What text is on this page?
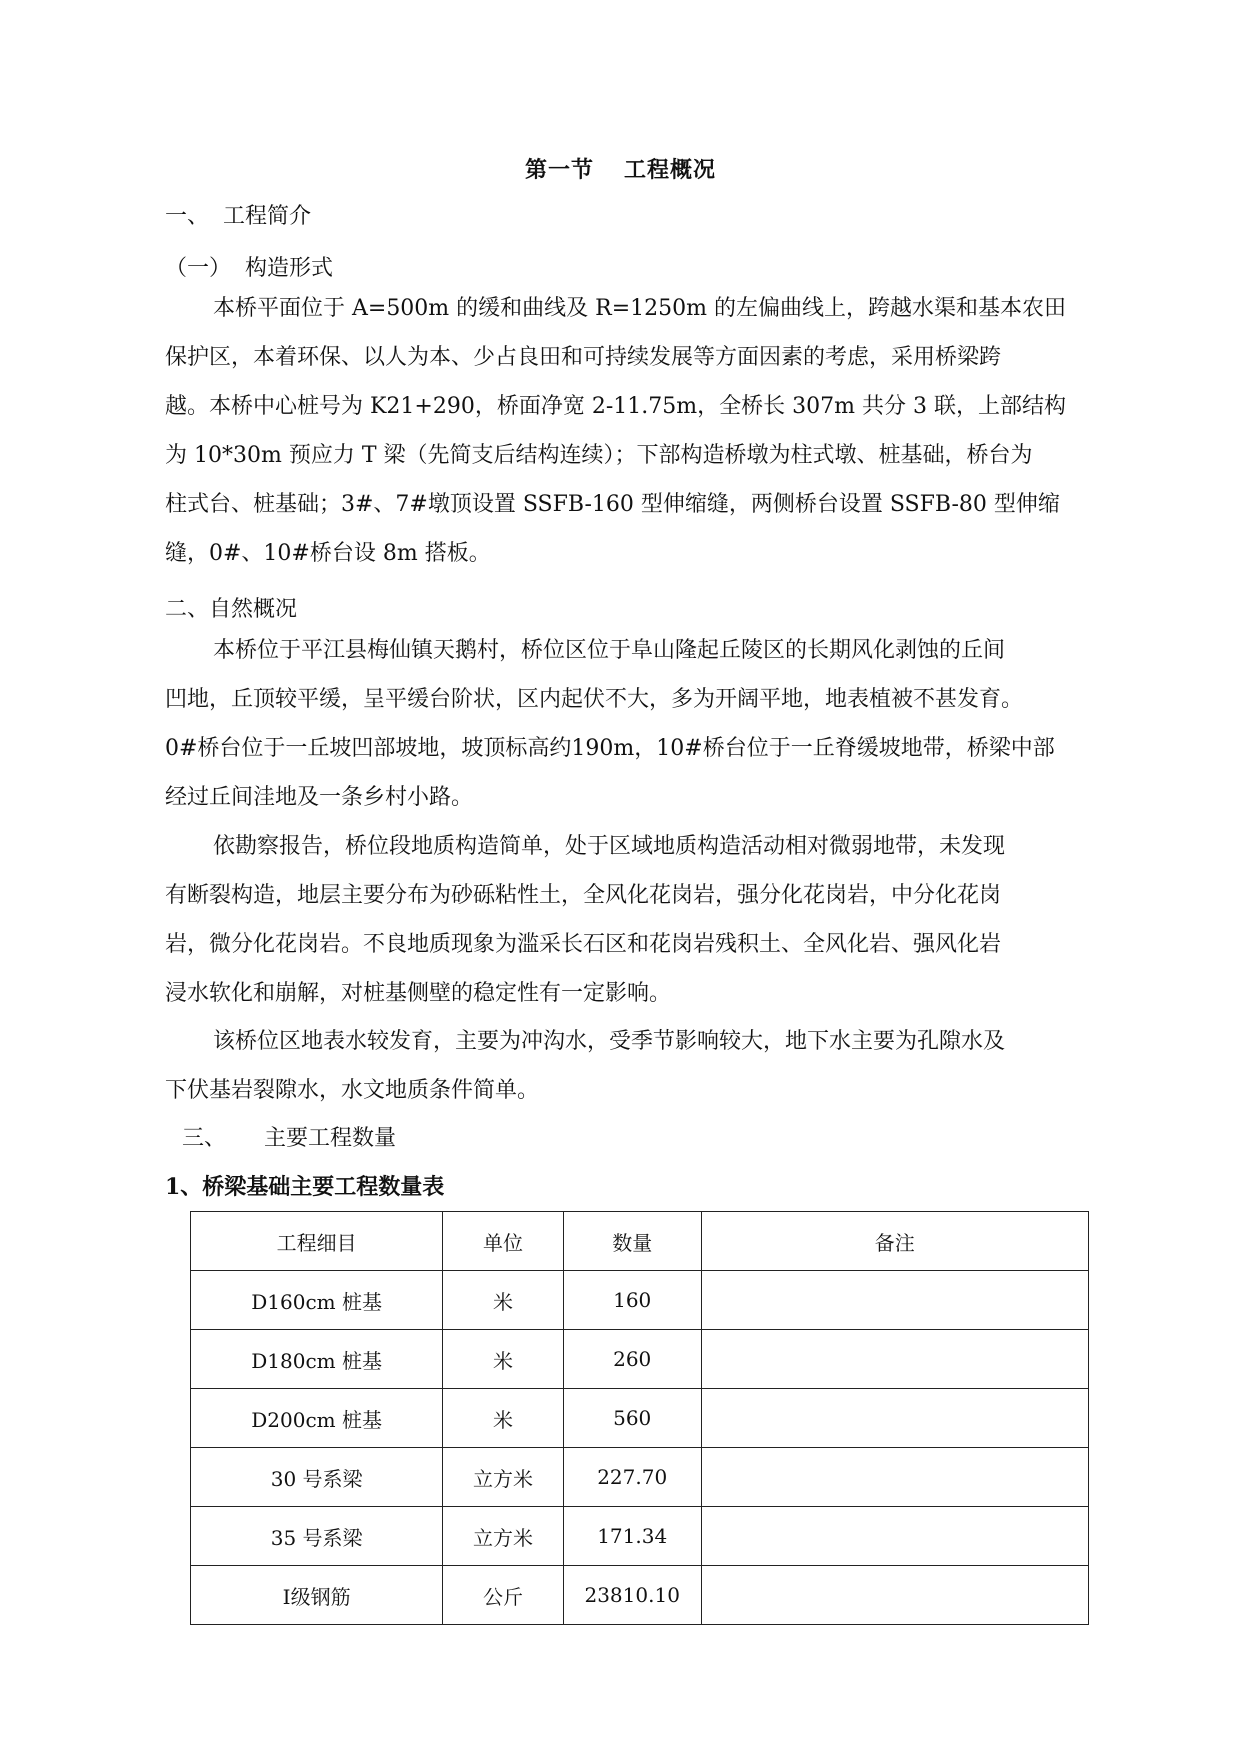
第一节 工程概况
一、 工程简介
（一） 构造形式
本桥平面位于 A=500m 的缓和曲线及 R=1250m 的左偏曲线上，跨越水渠和基本农田
保护区，本着环保、以人为本、少占良田和可持续发展等方面因素的考虑，采用桥梁跨
越。本桥中心桩号为 K21+290，桥面净宽 2-11.75m，全桥长 307m 共分 3 联，上部结构
为 10*30m 预应力 T 梁（先简支后结构连续）；下部构造桥墩为柱式墩、桩基础，桥台为
柱式台、桩基础；3#、7#墩顶设置 SSFB-160 型伸缩缝，两侧桥台设置 SSFB-80 型伸缩
缝，0#、10#桥台设 8m 搭板。
二、自然概况
本桥位于平江县梅仙镇天鹅村，桥位区位于阜山隆起丘陵区的长期风化剥蚀的丘间
凹地，丘顶较平缓，呈平缓台阶状，区内起伏不大，多为开阔平地，地表植被不甚发育。
0#桥台位于一丘坡凹部坡地，坡顶标高约190m，10#桥台位于一丘脊缓坡地带，桥梁中部
经过丘间洼地及一条乡村小路。
依勘察报告，桥位段地质构造简单，处于区域地质构造活动相对微弱地带，未发现
有断裂构造，地层主要分布为砂砾粘性土，全风化花岗岩，强分化花岗岩，中分化花岗
岩，微分化花岗岩。不良地质现象为滥采长石区和花岗岩残积土、全风化岩、强风化岩
浸水软化和崩解，对桩基侧壁的稳定性有一定影响。
该桥位区地表水较发育，主要为冲沟水，受季节影响较大，地下水主要为孔隙水及
下伏基岩裂隙水，水文地质条件简单。
三、 主要工程数量
1、桥梁基础主要工程数量表
工程细目	单位	数量	备注
D160cm 桩基	米	160	
D180cm 桩基	米	260	
D200cm 桩基	米	560	
30 号系梁	立方米	227.70	
35 号系梁	立方米	171.34	
Ⅰ级钢筋	公斤	23810.10	
